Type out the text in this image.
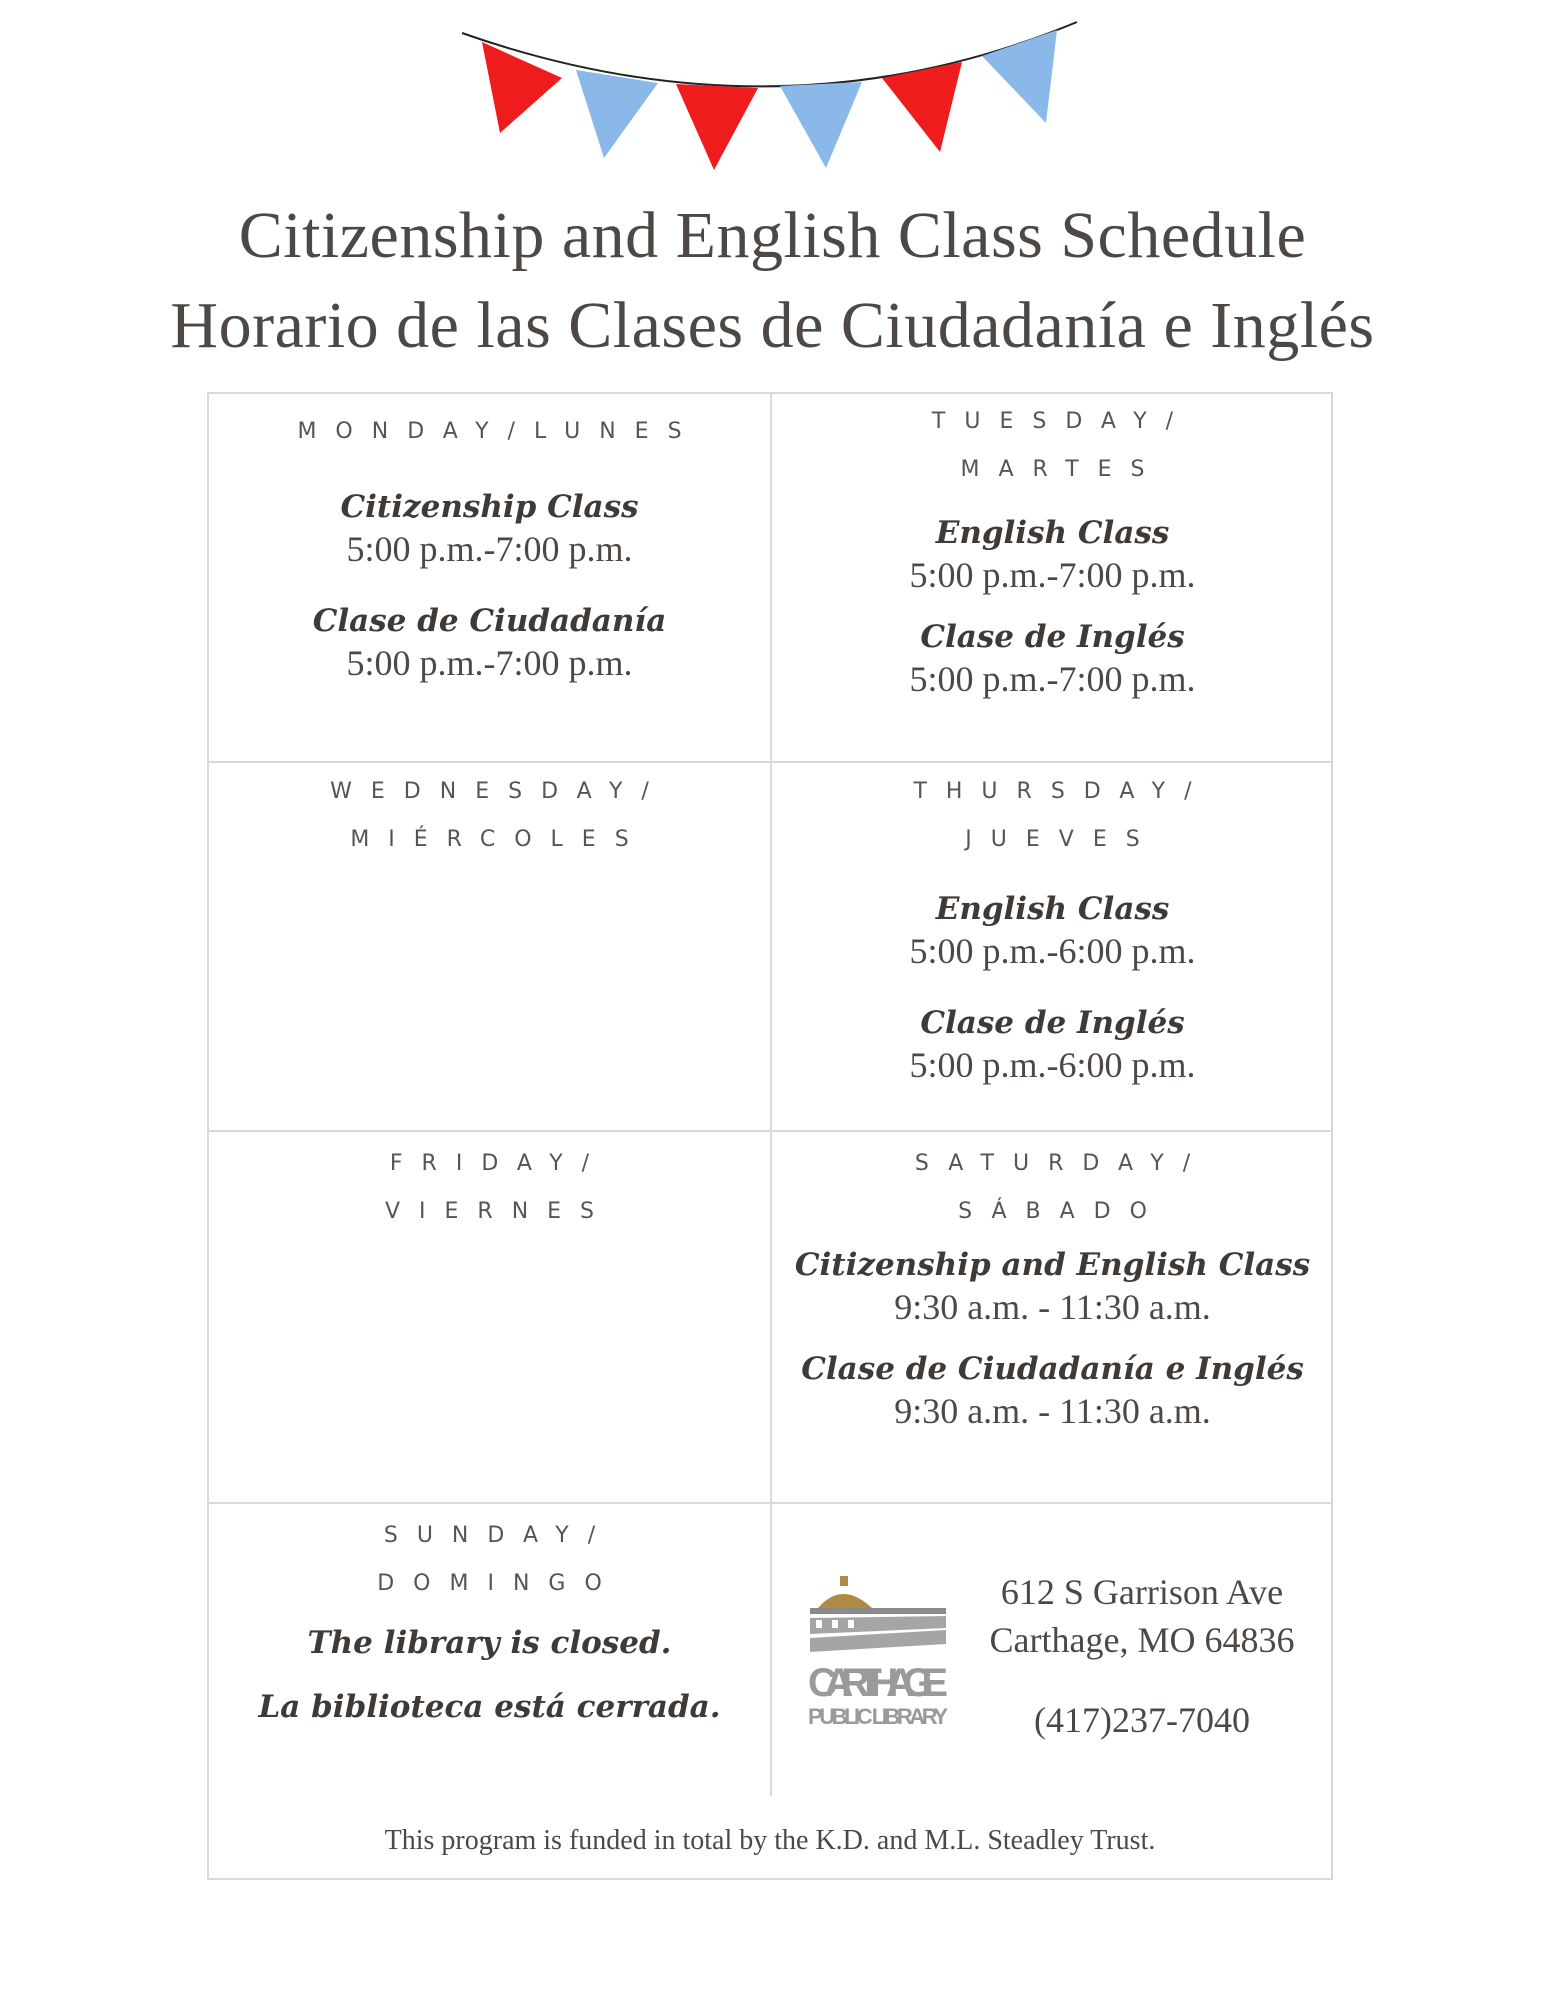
Citizenship and English Class Schedule
Horario de las Clases de Ciudadanía e Inglés
MONDAY/LUNES
Citizenship Class
5:00 p.m.-7:00 p.m.
Clase de Ciudadanía
5:00 p.m.-7:00 p.m.
TUESDAY/
MARTES
English Class
5:00 p.m.-7:00 p.m.
Clase de Inglés
5:00 p.m.-7:00 p.m.
WEDNESDAY/
MIÉRCOLES
THURSDAY/
JUEVES
English Class
5:00 p.m.-6:00 p.m.
Clase de Inglés
5:00 p.m.-6:00 p.m.
FRIDAY/
VIERNES
SATURDAY/
SÁBADO
Citizenship and English Class
9:30 a.m. - 11:30 a.m.
Clase de Ciudadanía e Inglés
9:30 a.m. - 11:30 a.m.
SUNDAY/
DOMINGO
The library is closed.
La biblioteca está cerrada.
CARTHAGE
PUBLIC LIBRARY
612 S Garrison Ave
Carthage, MO 64836
(417)237-7040
This program is funded in total by the K.D. and M.L. Steadley Trust.
